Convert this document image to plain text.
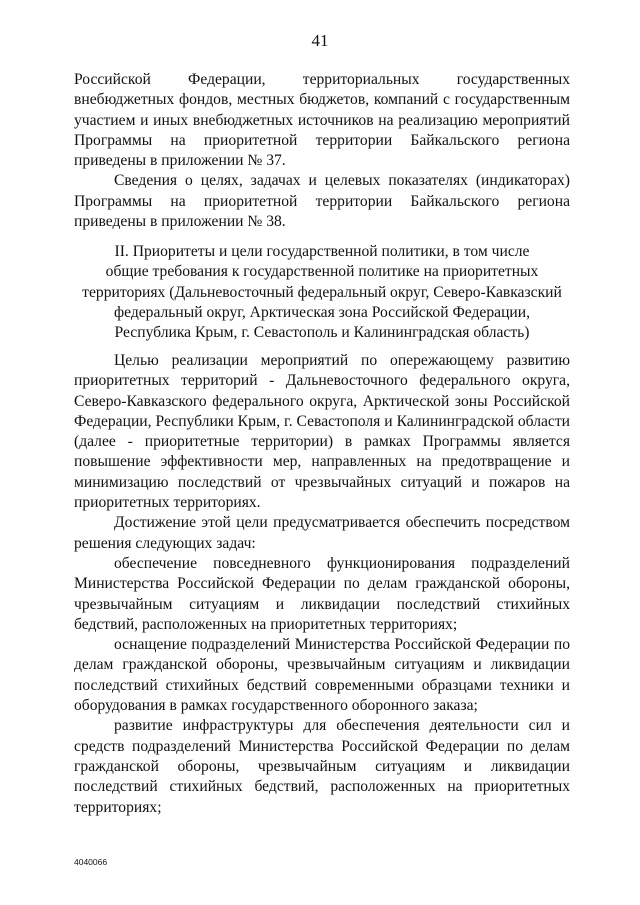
41

Российской Федерации, территориальных государственных внебюджетных фондов, местных бюджетов, компаний с государственным участием и иных внебюджетных источников на реализацию мероприятий Программы на приоритетной территории Байкальского региона приведены в приложении № 37.

Сведения о целях, задачах и целевых показателях (индикаторах) Программы на приоритетной территории Байкальского региона приведены в приложении № 38.

II. Приоритеты и цели государственной политики, в том числе
общие требования к государственной политике на приоритетных
территориях (Дальневосточный федеральный округ, Северо-Кавказский
федеральный округ, Арктическая зона Российской Федерации,
Республика Крым, г. Севастополь и Калининградская область)

Целью реализации мероприятий по опережающему развитию приоритетных территорий - Дальневосточного федерального округа, Северо-Кавказского федерального округа, Арктической зоны Российской Федерации, Республики Крым, г. Севастополя и Калининградской области (далее - приоритетные территории) в рамках Программы является повышение эффективности мер, направленных на предотвращение и минимизацию последствий от чрезвычайных ситуаций и пожаров на приоритетных территориях.

Достижение этой цели предусматривается обеспечить посредством решения следующих задач:

обеспечение повседневного функционирования подразделений Министерства Российской Федерации по делам гражданской обороны, чрезвычайным ситуациям и ликвидации последствий стихийных бедствий, расположенных на приоритетных территориях;

оснащение подразделений Министерства Российской Федерации по делам гражданской обороны, чрезвычайным ситуациям и ликвидации последствий стихийных бедствий современными образцами техники и оборудования в рамках государственного оборонного заказа;

развитие инфраструктуры для обеспечения деятельности сил и средств подразделений Министерства Российской Федерации по делам гражданской обороны, чрезвычайным ситуациям и ликвидации последствий стихийных бедствий, расположенных на приоритетных территориях;

4040066
